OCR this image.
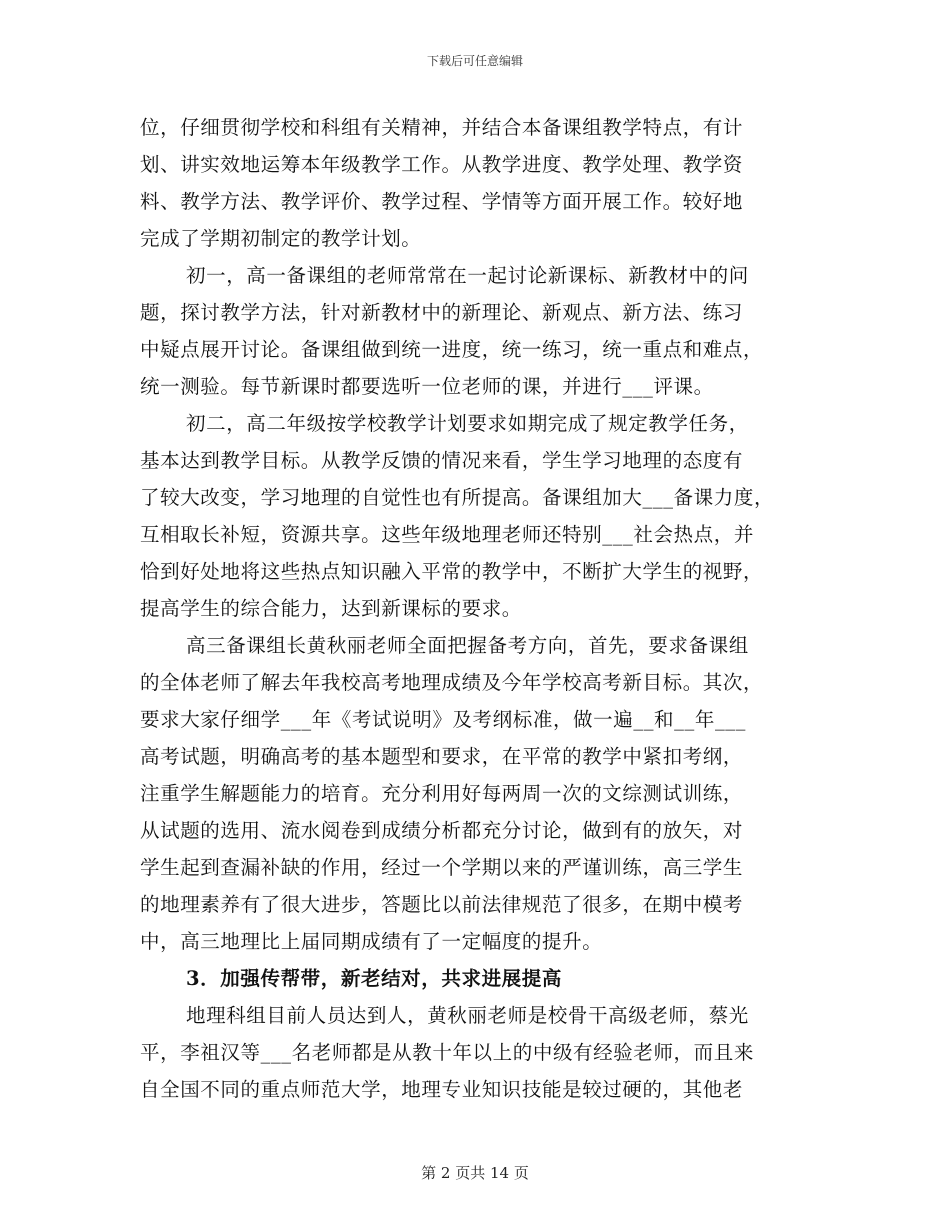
下载后可任意编辑
位，仔细贯彻学校和科组有关精神，并结合本备课组教学特点，有计
划、讲实效地运筹本年级教学工作。从教学进度、教学处理、教学资
料、教学方法、教学评价、教学过程、学情等方面开展工作。较好地
完成了学期初制定的教学计划。
初一，高一备课组的老师常常在一起讨论新课标、新教材中的问
题，探讨教学方法，针对新教材中的新理论、新观点、新方法、练习
中疑点展开讨论。备课组做到统一进度，统一练习，统一重点和难点，
统一测验。每节新课时都要选听一位老师的课，并进行___评课。
初二，高二年级按学校教学计划要求如期完成了规定教学任务，
基本达到教学目标。从教学反馈的情况来看，学生学习地理的态度有
了较大改变，学习地理的自觉性也有所提高。备课组加大___备课力度，
互相取长补短，资源共享。这些年级地理老师还特别___社会热点，并
恰到好处地将这些热点知识融入平常的教学中，不断扩大学生的视野，
提高学生的综合能力，达到新课标的要求。
高三备课组长黄秋丽老师全面把握备考方向，首先，要求备课组
的全体老师了解去年我校高考地理成绩及今年学校高考新目标。其次，
要求大家仔细学___年《考试说明》及考纲标准，做一遍__和__年___
高考试题，明确高考的基本题型和要求，在平常的教学中紧扣考纲，
注重学生解题能力的培育。充分利用好每两周一次的文综测试训练，
从试题的选用、流水阅卷到成绩分析都充分讨论，做到有的放矢，对
学生起到查漏补缺的作用，经过一个学期以来的严谨训练，高三学生
的地理素养有了很大进步，答题比以前法律规范了很多，在期中模考
中，高三地理比上届同期成绩有了一定幅度的提升。
3．加强传帮带，新老结对，共求进展提高
地理科组目前人员达到人，黄秋丽老师是校骨干高级老师，蔡光
平，李祖汉等___名老师都是从教十年以上的中级有经验老师，而且来
自全国不同的重点师范大学，地理专业知识技能是较过硬的，其他老
第 2 页共 14 页
